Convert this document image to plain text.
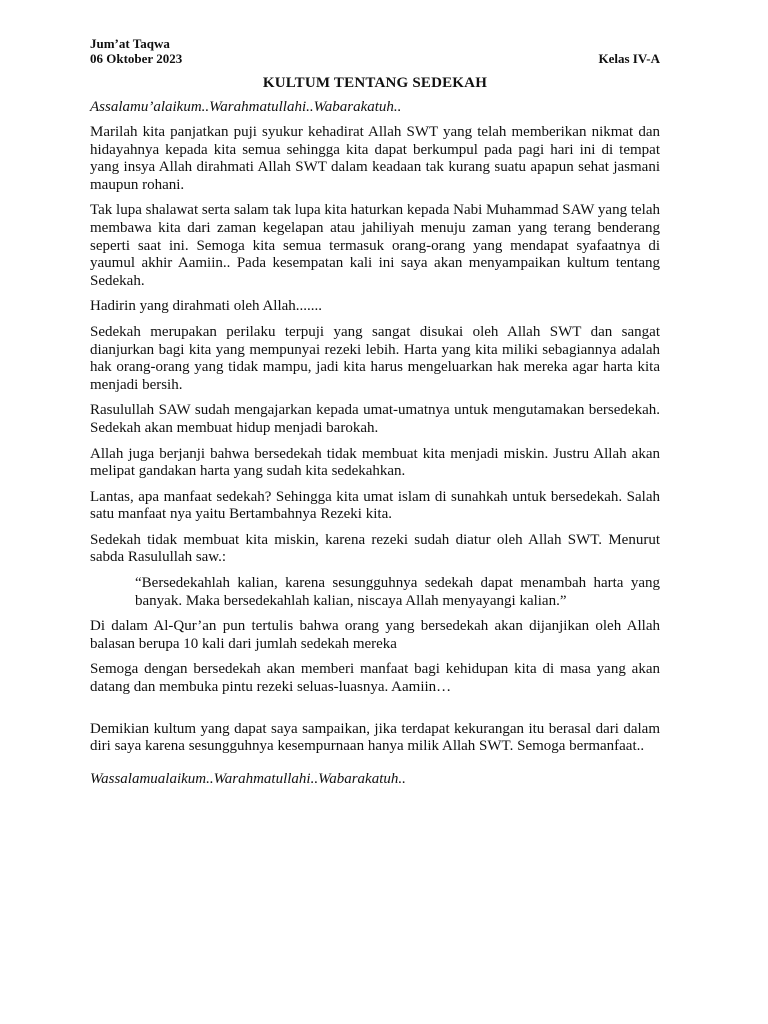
Jum’at Taqwa
06 Oktober 2023	Kelas IV-A
KULTUM TENTANG SEDEKAH
Assalamu’alaikum..Warahmatullahi..Wabarakatuh..

Marilah kita panjatkan puji syukur kehadirat Allah SWT yang telah memberikan nikmat dan hidayahnya kepada kita semua sehingga kita dapat berkumpul pada pagi hari ini di tempat yang insya Allah dirahmati Allah SWT dalam keadaan tak kurang suatu apapun sehat jasmani maupun rohani.

Tak lupa shalawat serta salam tak lupa kita haturkan kepada Nabi Muhammad SAW yang telah membawa kita dari zaman kegelapan atau jahiliyah menuju zaman yang terang benderang seperti saat ini. Semoga kita semua termasuk orang-orang yang mendapat syafaatnya di yaumul akhir Aamiin.. Pada kesempatan kali ini saya akan menyampaikan kultum tentang Sedekah.

Hadirin yang dirahmati oleh Allah.......

Sedekah merupakan perilaku terpuji yang sangat disukai oleh Allah SWT dan sangat dianjurkan bagi kita yang mempunyai rezeki lebih. Harta yang kita miliki sebagiannya adalah hak orang-orang yang tidak mampu, jadi kita harus mengeluarkan hak mereka agar harta kita menjadi bersih.

Rasulullah SAW sudah mengajarkan kepada umat-umatnya untuk mengutamakan bersedekah. Sedekah akan membuat hidup menjadi barokah.

Allah juga berjanji bahwa bersedekah tidak membuat kita menjadi miskin. Justru Allah akan melipat gandakan harta yang sudah kita sedekahkan.

Lantas, apa manfaat sedekah? Sehingga kita umat islam di sunahkah untuk bersedekah. Salah satu manfaat nya yaitu Bertambahnya Rezeki kita.

Sedekah tidak membuat kita miskin, karena rezeki sudah diatur oleh Allah SWT. Menurut sabda Rasulullah saw.:

“Bersedekahlah kalian, karena sesungguhnya sedekah dapat menambah harta yang banyak. Maka bersedekahlah kalian, niscaya Allah menyayangi kalian.”

Di dalam Al-Qur’an pun tertulis bahwa orang yang bersedekah akan dijanjikan oleh Allah balasan berupa 10 kali dari jumlah sedekah mereka

Semoga dengan bersedekah akan memberi manfaat bagi kehidupan kita di masa yang akan datang dan membuka pintu rezeki seluas-luasnya. Aamiin…

Demikian kultum yang dapat saya sampaikan, jika terdapat kekurangan itu berasal dari dalam diri saya karena sesungguhnya kesempurnaan hanya milik Allah SWT. Semoga bermanfaat..

Wassalamualaikum..Warahmatullahi..Wabarakatuh..
